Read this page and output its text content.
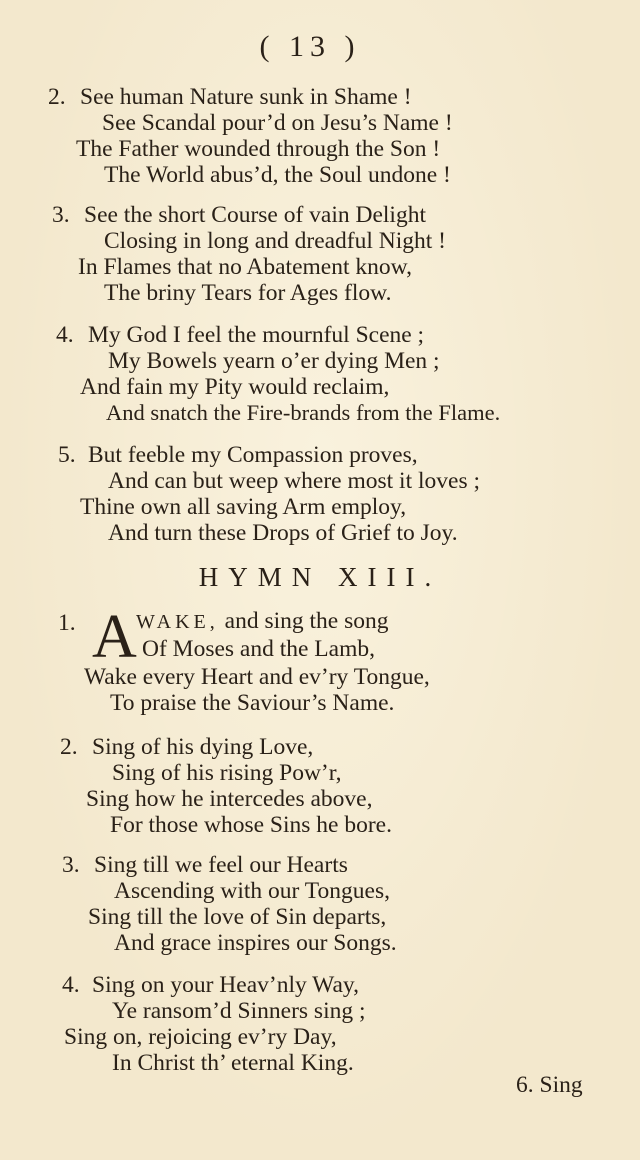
( 13 )
2. See human Nature sunk in Shame !
See Scandal pour’d on Jesu’s Name !
The Father wounded through the Son !
The World abus’d, the Soul undone !
3. See the short Course of vain Delight
Closing in long and dreadful Night !
In Flames that no Abatement know,
The briny Tears for Ages flow.
4. My God I feel the mournful Scene ;
My Bowels yearn o’er dying Men ;
And fain my Pity would reclaim,
And snatch the Fire-brands from the Flame.
5. But feeble my Compassion proves,
And can but weep where most it loves ;
Thine own all saving Arm employ,
And turn these Drops of Grief to Joy.
HYMN XIII.
1. A WAKE, and sing the song
Of Moses and the Lamb,
Wake every Heart and ev’ry Tongue,
To praise the Saviour’s Name.
2. Sing of his dying Love,
Sing of his rising Pow’r,
Sing how he intercedes above,
For those whose Sins he bore.
3. Sing till we feel our Hearts
Ascending with our Tongues,
Sing till the love of Sin departs,
And grace inspires our Songs.
4. Sing on your Heav’nly Way,
Ye ransom’d Sinners sing ;
Sing on, rejoicing ev’ry Day,
In Christ th’ eternal King.
6. Sing
